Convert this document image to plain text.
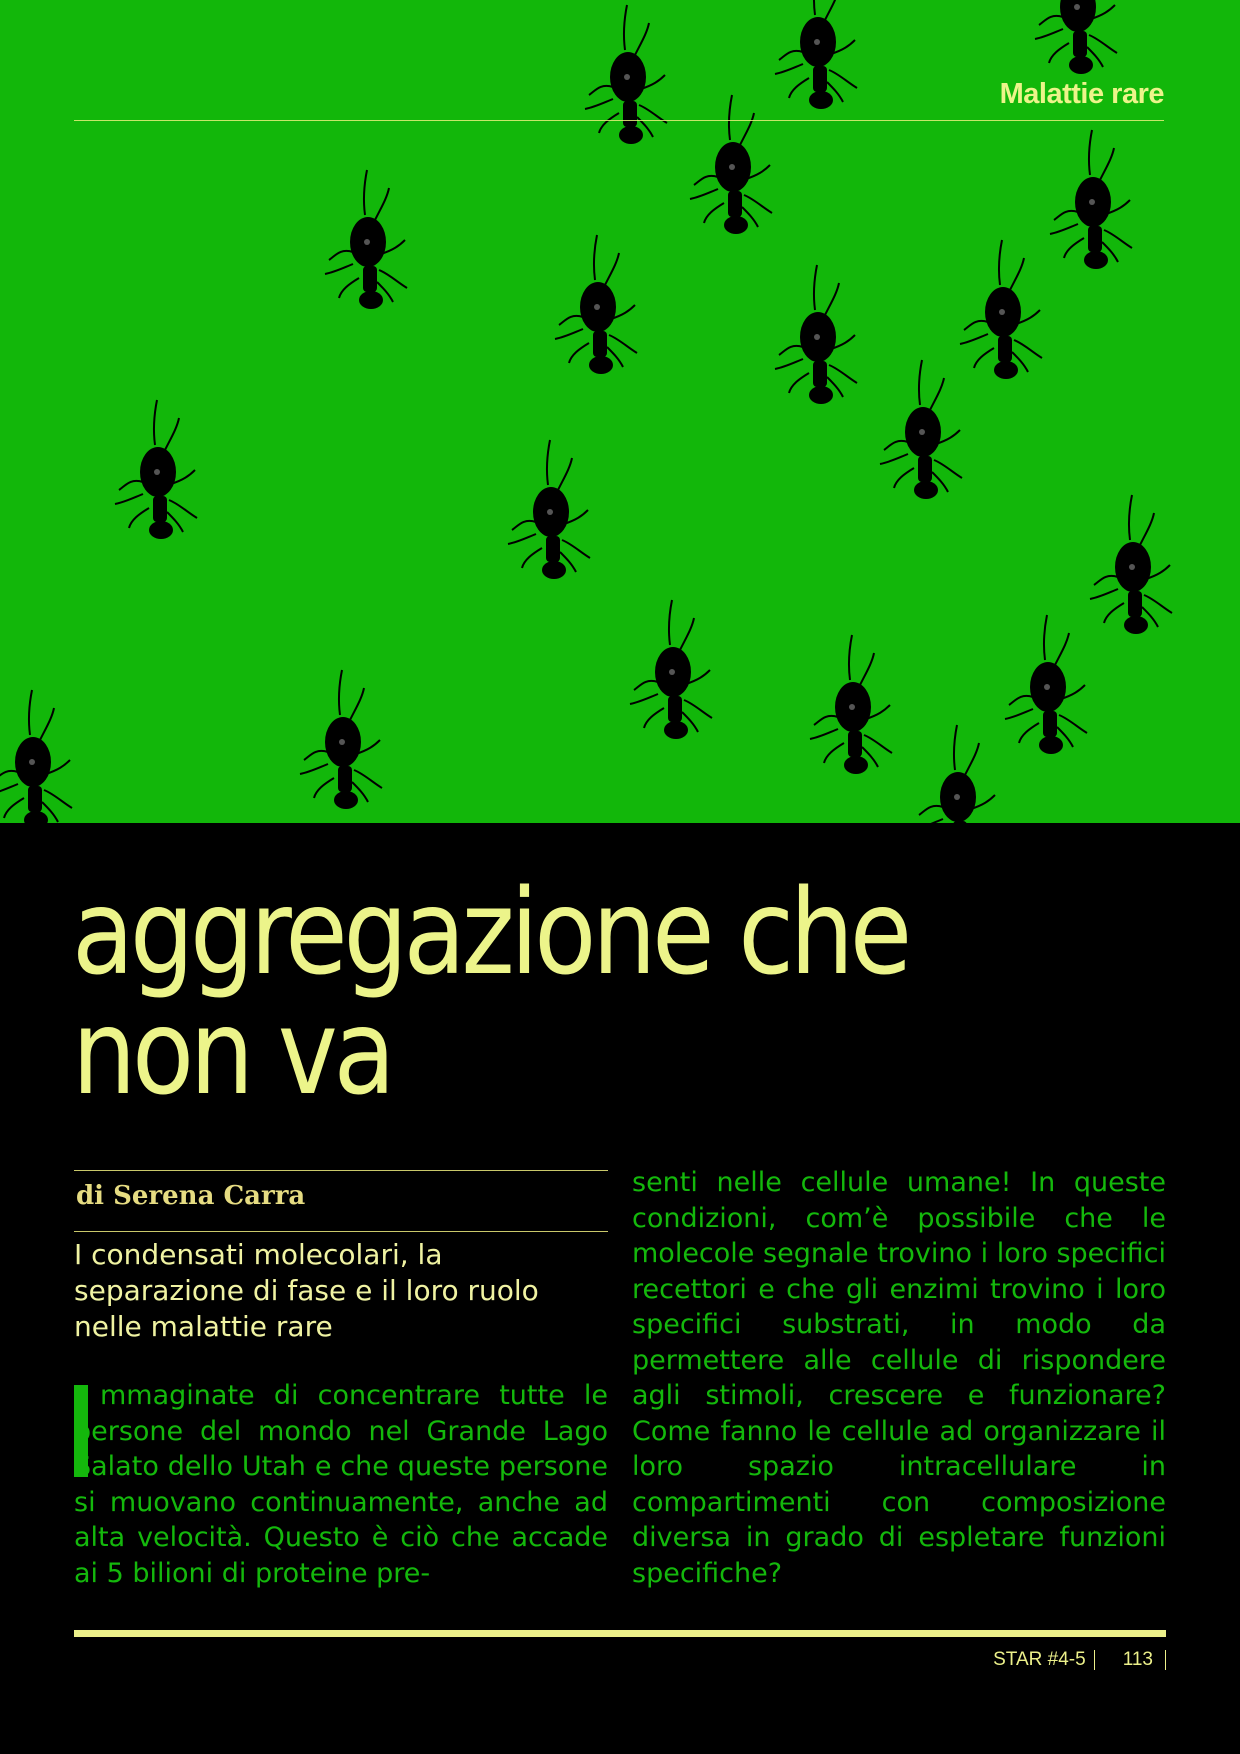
Malattie rare
aggregazione che
non va
di Serena Carra

I condensati molecolari, la separazione di fase e il loro ruolo nelle malattie rare

mmaginate di concentrare tutte le persone del mondo nel Grande Lago Salato dello Utah e che queste persone si muovano continuamente, anche ad alta velocità. Questo è ciò che accade ai 5 bilioni di proteine pre-

senti nelle cellule umane! In queste condizioni, com’è possibile che le molecole segnale trovino i loro specifici recettori e che gli enzimi trovino i loro specifici substrati, in modo da permettere alle cellule di rispondere agli stimoli, crescere e funzionare? Come fanno le cellule ad organizzare il loro spazio intracellulare in compartimenti con composizione diversa in grado di espletare funzioni specifiche?

STAR #4-5	113
